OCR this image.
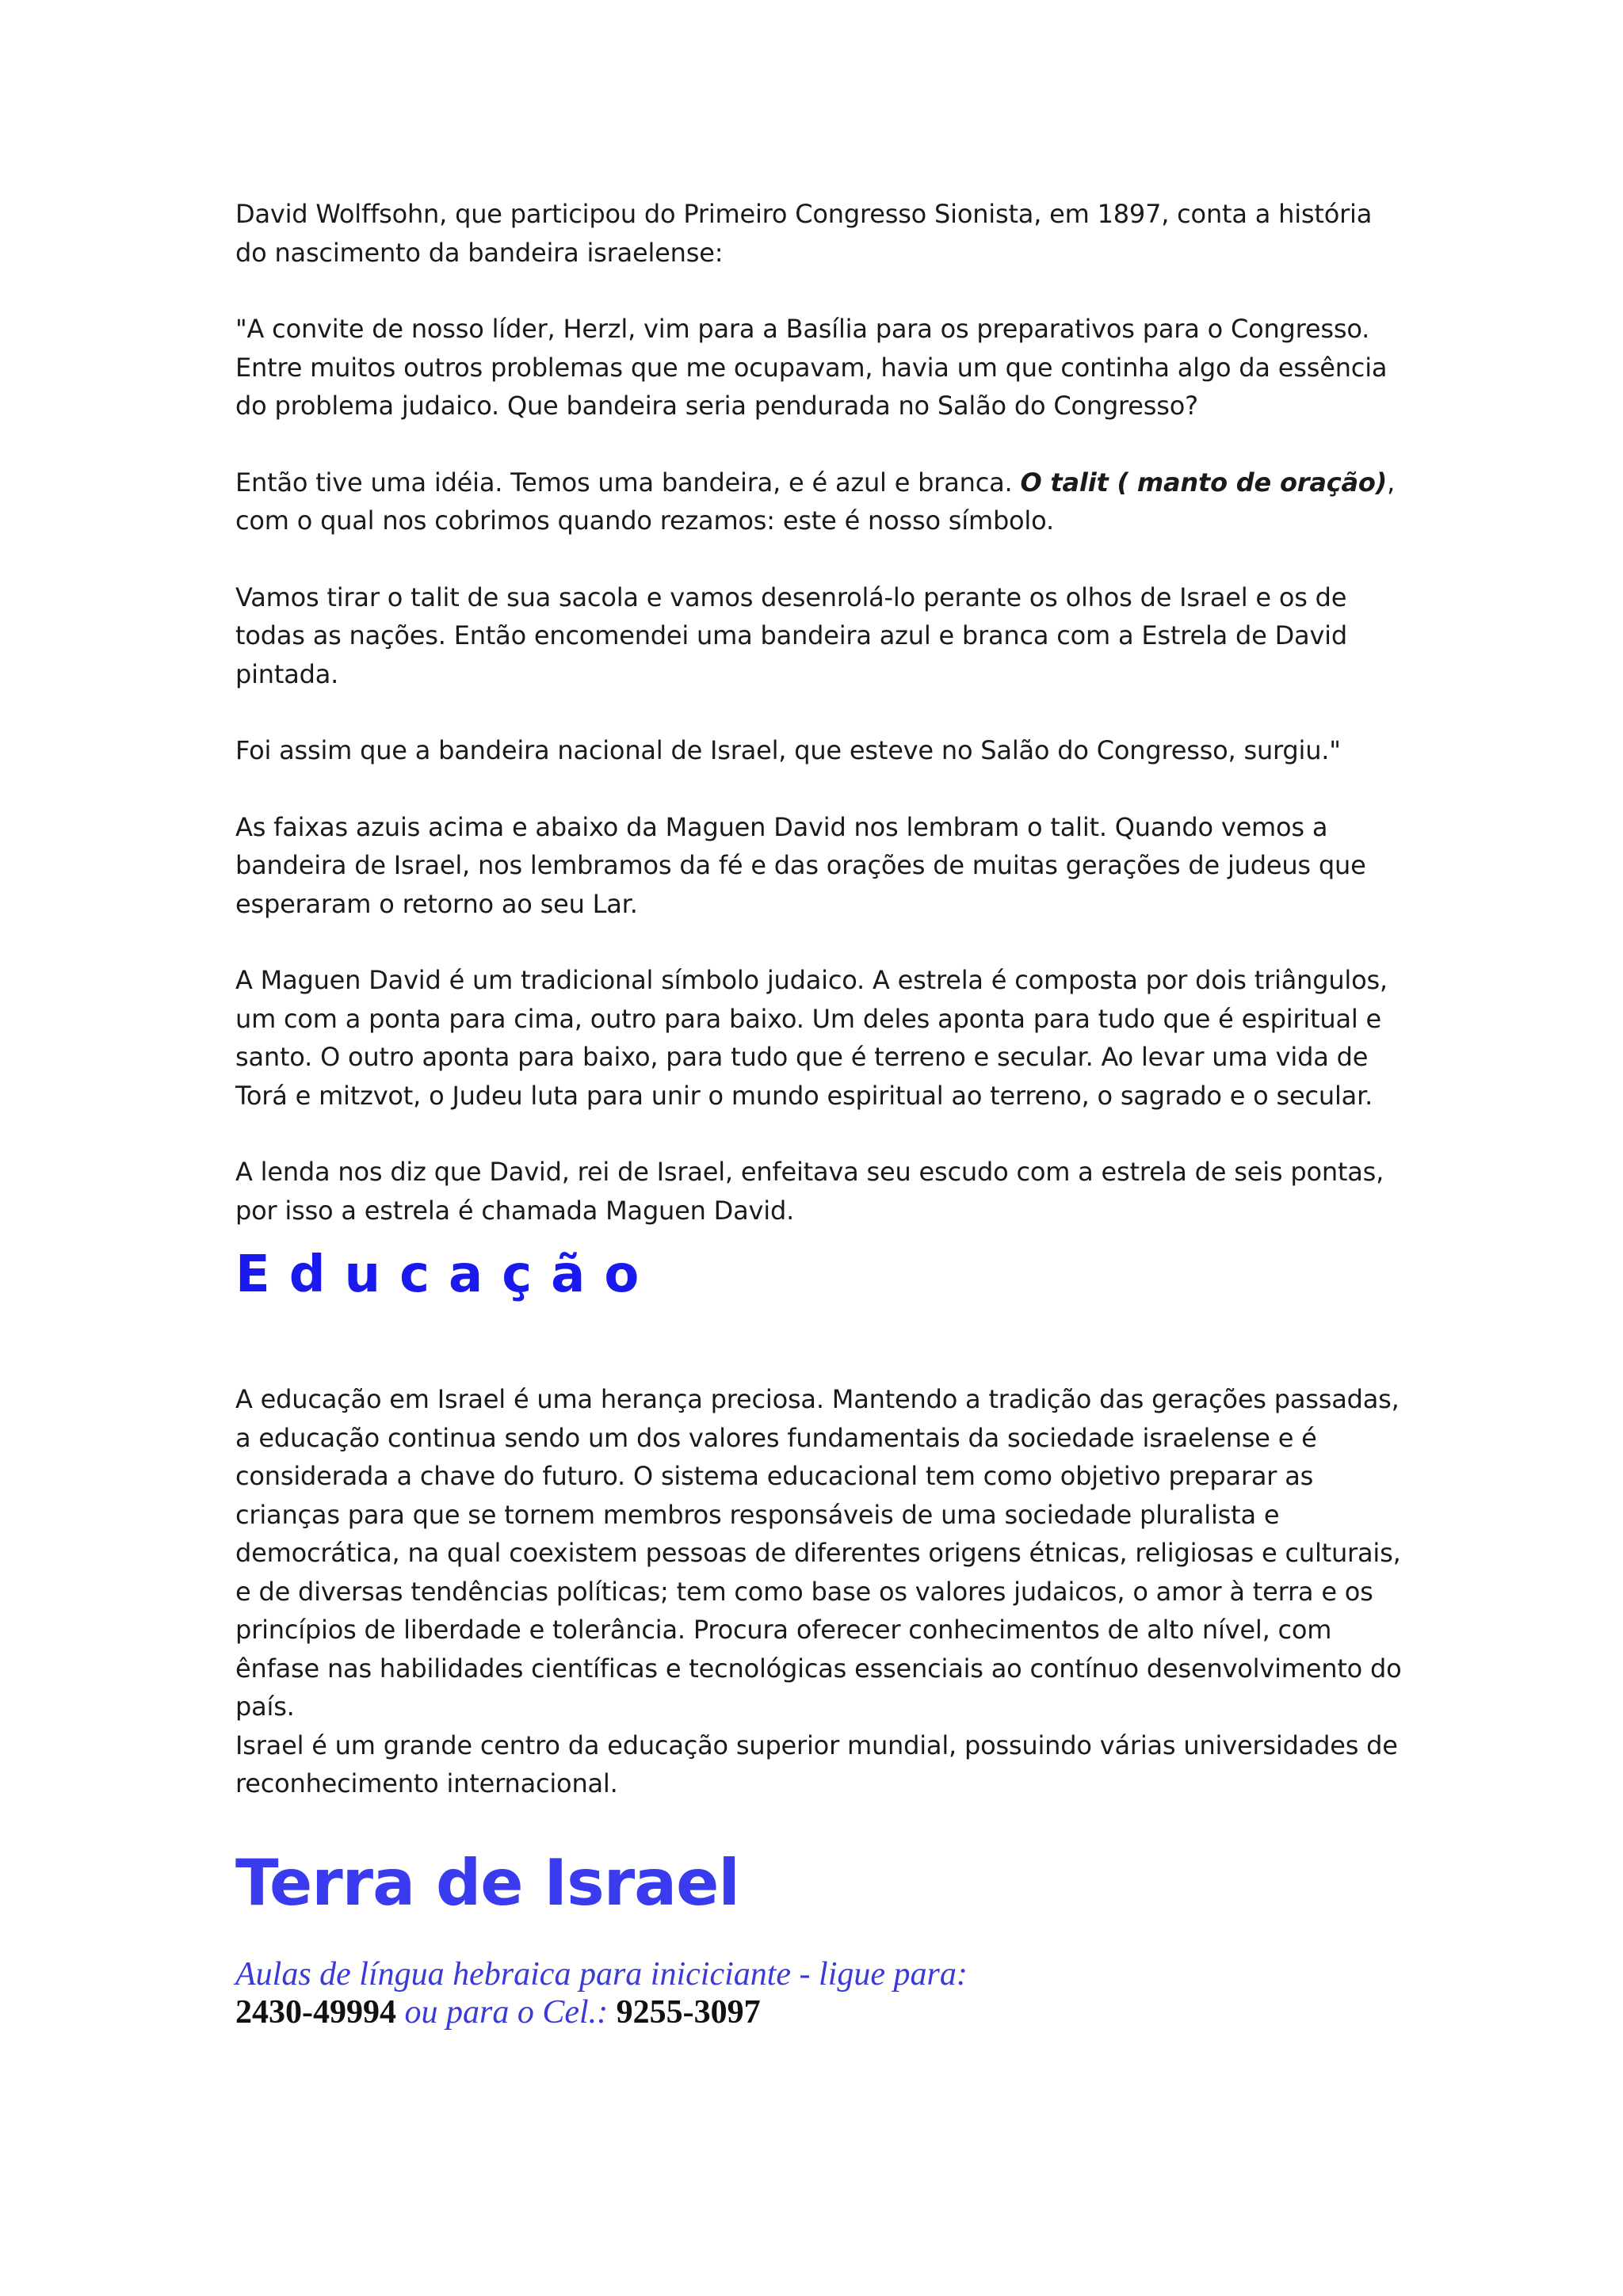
David Wolffsohn, que participou do Primeiro Congresso Sionista, em 1897, conta a história do nascimento da bandeira israelense:

"A convite de nosso líder, Herzl, vim para a Basília para os preparativos para o Congresso. Entre muitos outros problemas que me ocupavam, havia um que continha algo da essência do problema judaico. Que bandeira seria pendurada no Salão do Congresso?

Então tive uma idéia. Temos uma bandeira, e é azul e branca. O talit ( manto de oração), com o qual nos cobrimos quando rezamos: este é nosso símbolo.

Vamos tirar o talit de sua sacola e vamos desenrolá-lo perante os olhos de Israel e os de todas as nações. Então encomendei uma bandeira azul e branca com a Estrela de David pintada.

Foi assim que a bandeira nacional de Israel, que esteve no Salão do Congresso, surgiu."

As faixas azuis acima e abaixo da Maguen David nos lembram o talit. Quando vemos a bandeira de Israel, nos lembramos da fé e das orações de muitas gerações de judeus que esperaram o retorno ao seu Lar.

A Maguen David é um tradicional símbolo judaico. A estrela é composta por dois triângulos, um com a ponta para cima, outro para baixo. Um deles aponta para tudo que é espiritual e santo. O outro aponta para baixo, para tudo que é terreno e secular. Ao levar uma vida de Torá e mitzvot, o Judeu luta para unir o mundo espiritual ao terreno, o sagrado e o secular.

A lenda nos diz que David, rei de Israel, enfeitava seu escudo com a estrela de seis pontas, por isso a estrela é chamada Maguen David.

Educação

A educação em Israel é uma herança preciosa. Mantendo a tradição das gerações passadas, a educação continua sendo um dos valores fundamentais da sociedade israelense e é considerada a chave do futuro. O sistema educacional tem como objetivo preparar as crianças para que se tornem membros responsáveis de uma sociedade pluralista e democrática, na qual coexistem pessoas de diferentes origens étnicas, religiosas e culturais, e de diversas tendências políticas; tem como base os valores judaicos, o amor à terra e os princípios de liberdade e tolerância. Procura oferecer conhecimentos de alto nível, com ênfase nas habilidades científicas e tecnológicas essenciais ao contínuo desenvolvimento do país.
Israel é um grande centro da educação superior mundial, possuindo várias universidades de reconhecimento internacional.

Terra de Israel
Aulas de língua hebraica para iniciciante - ligue para:
2430-49994 ou para o Cel.: 9255-3097
